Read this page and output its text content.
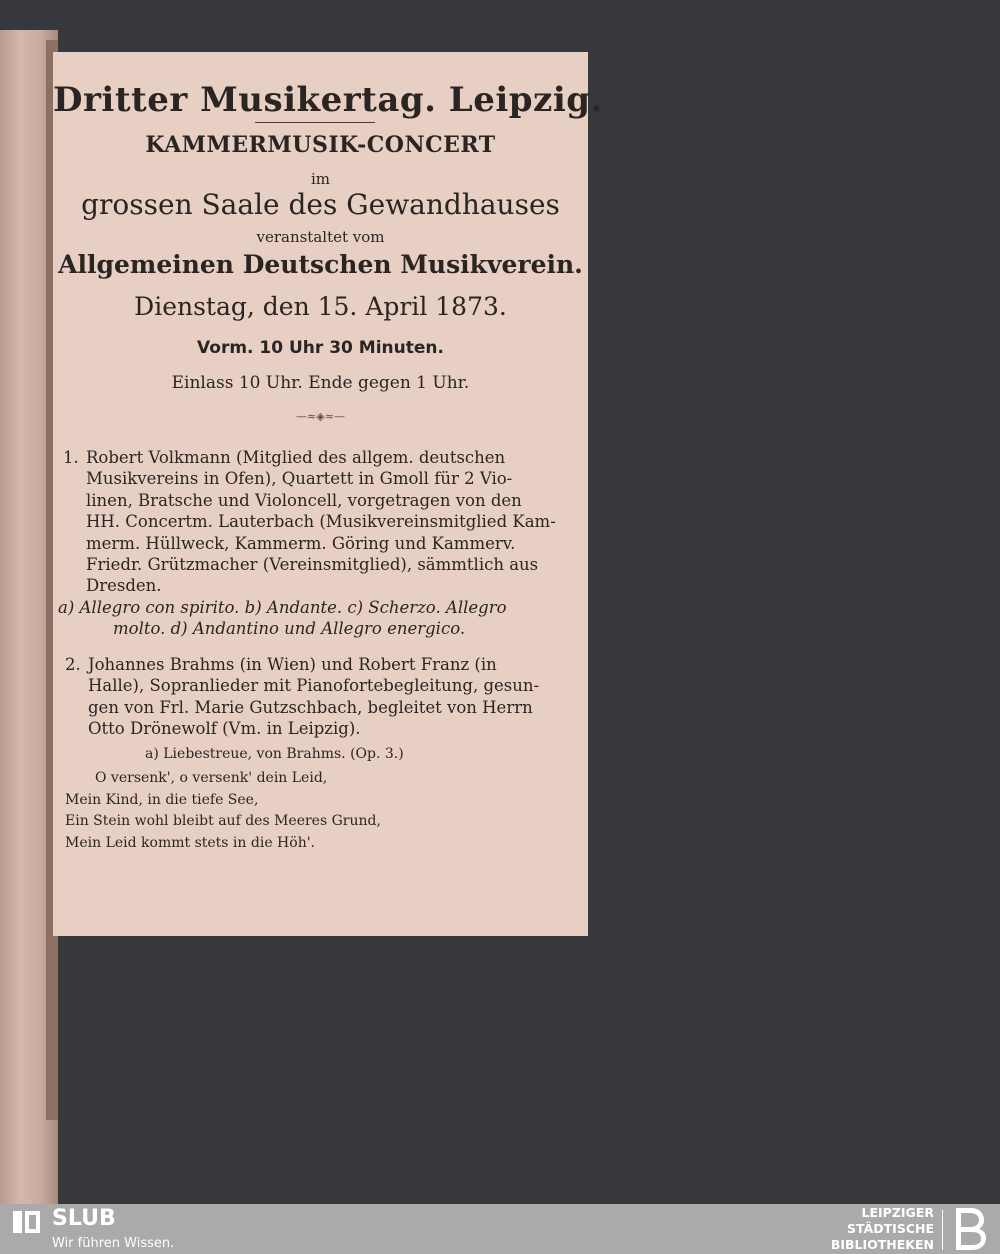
Dritter Musikertag. Leipzig.
KAMMERMUSIK-CONCERT
im
grossen Saale des Gewandhauses
veranstaltet vom
Allgemeinen Deutschen Musikverein.
Dienstag, den 15. April 1873.
Vorm. 10 Uhr 30 Minuten.
Einlass 10 Uhr. Ende gegen 1 Uhr.
—≈◈≈—
1. Robert Volkmann (Mitglied des allgem. deutschen
Musikvereins in Ofen), Quartett in Gmoll für 2 Vio-
linen, Bratsche und Violoncell, vorgetragen von den
HH. Concertm. Lauterbach (Musikvereinsmitglied Kam-
merm. Hüllweck, Kammerm. Göring und Kammerv.
Friedr. Grützmacher (Vereinsmitglied), sämmtlich aus
Dresden.
a) Allegro con spirito. b) Andante. c) Scherzo. Allegro
molto. d) Andantino und Allegro energico.
2. Johannes Brahms (in Wien) und Robert Franz (in
Halle), Sopranlieder mit Pianofortebegleitung, gesun-
gen von Frl. Marie Gutzschbach, begleitet von Herrn
Otto Drönewolf (Vm. in Leipzig).
a) Liebestreue, von Brahms. (Op. 3.)
O versenk', o versenk' dein Leid,
Mein Kind, in die tiefe See,
Ein Stein wohl bleibt auf des Meeres Grund,
Mein Leid kommt stets in die Höh'.
SLUB
Wir führen Wissen.
LEIPZIGER
STÄDTISCHE
BIBLIOTHEKEN
